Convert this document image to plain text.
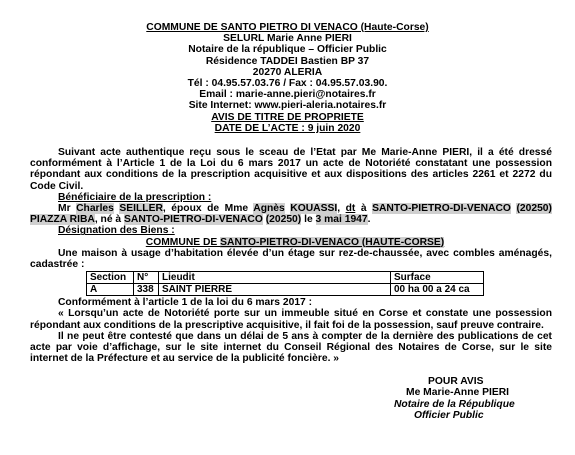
COMMUNE DE SANTO PIETRO DI VENACO (Haute-Corse)
SELURL Marie Anne PIERI
Notaire de la république – Officier Public
Résidence TADDEI Bastien BP 37
20270 ALERIA
Tél : 04.95.57.03.76 / Fax : 04.95.57.03.90.
Email : marie-anne.pieri@notaires.fr
Site Internet: www.pieri-aleria.notaires.fr
AVIS DE TITRE DE PROPRIETE
DATE DE L’ACTE : 9 juin 2020

Suivant acte authentique reçu sous le sceau de l’Etat par Me Marie-Anne PIERI, il a été dressé conformément à l’Article 1 de la Loi du 6 mars 2017 un acte de Notoriété constatant une possession répondant aux conditions de la prescription acquisitive et aux dispositions des articles 2261 et 2272 du Code Civil.

Bénéficiaire de la prescription :

Mr Charles SEILLER, époux de Mme Agnès KOUASSI, dt à SANTO-PIETRO-DI-VENACO (20250) PIAZZA RIBA, né à SANTO-PIETRO-DI-VENACO (20250) le 3 mai 1947.

Désignation des Biens :
COMMUNE DE SANTO-PIETRO-DI-VENACO (HAUTE-CORSE)

Une maison à usage d’habitation élevée d’un étage sur rez-de-chaussée, avec combles aménagés, cadastrée :

Section	N°	Lieudit	Surface
A	338	SAINT PIERRE	00 ha 00 a 24 ca
Conformément à l’article 1 de la loi du 6 mars 2017 :

« Lorsqu’un acte de Notoriété porte sur un immeuble situé en Corse et constate une possession répondant aux conditions de la prescriptive acquisitive, il fait foi de la possession, sauf preuve contraire.

Il ne peut être contesté que dans un délai de 5 ans à compter de la dernière des publications de cet acte par voie d’affichage, sur le site internet du Conseil Régional des Notaires de Corse, sur le site internet de la Préfecture et au service de la publicité foncière. »

POUR AVIS
Me Marie-Anne PIERI
Notaire de la République
Officier Public
